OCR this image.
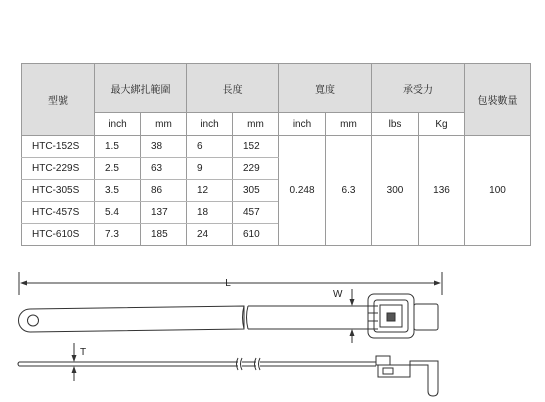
型號	最大綁扎範圍		長度		寬度		承受力		包裝數量
	inch	mm	inch	mm	inch	mm	lbs	Kg	
HTC-152S	1.5	38	6	152	0.248	6.3	300	136	100
HTC-229S	2.5	63	9	229					
HTC-305S	3.5	86	12	305					
HTC-457S	5.4	137	18	457					
HTC-610S	7.3	185	24	610					
L
W
T
